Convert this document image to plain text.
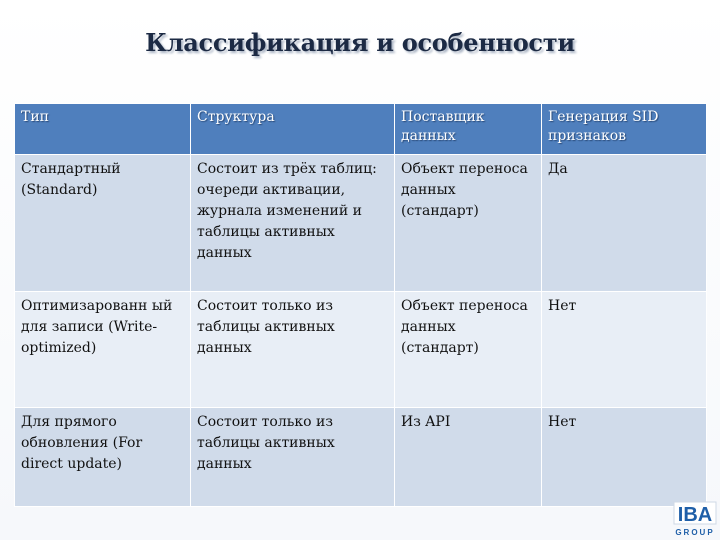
Классификация и особенности
Тип	Структура	Поставщик данных	Генерация SID признаков
Стандартный (Standard)	Состоит из трёх таблиц: очереди активации, журнала изменений и таблицы активных данных	Объект переноса данных (стандарт)	Да
Оптимизарованн ый для записи (Write-optimized)	Состоит только из таблицы активных данных	Объект переноса данных (стандарт)	Нет
Для прямого обновления (For direct update)	Состоит только из таблицы активных данных	Из API	Нет
IBA
GROUP
